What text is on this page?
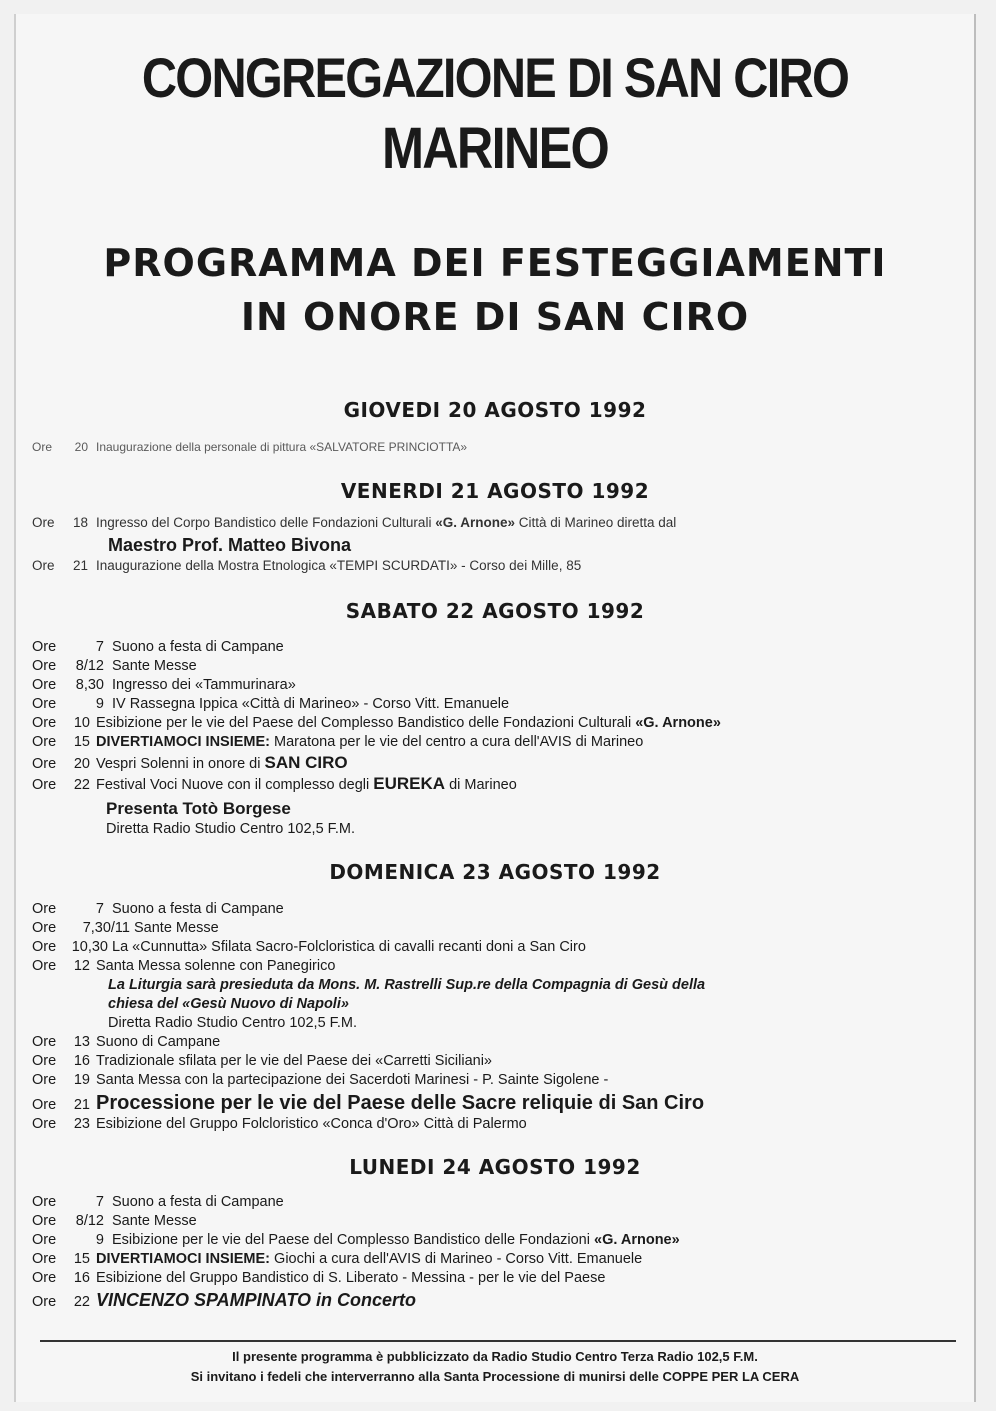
CONGREGAZIONE DI SAN CIRO
MARINEO
PROGRAMMA DEI FESTEGGIAMENTI
IN ONORE DI SAN CIRO
GIOVEDI 20 AGOSTO 1992
Ore 20 Inaugurazione della personale di pittura «SALVATORE PRINCIOTTA»
VENERDI 21 AGOSTO 1992
Ore 18 Ingresso del Corpo Bandistico delle Fondazioni Culturali «G. Arnone» Città di Marineo diretta dal
Maestro Prof. Matteo Bivona
Ore 21 Inaugurazione della Mostra Etnologica «TEMPI SCURDATI» - Corso dei Mille, 85
SABATO 22 AGOSTO 1992
Ore	7 Suono a festa di Campane
Ore 8/12 Sante Messe
Ore 8,30 Ingresso dei «Tammurinara»
Ore	9 IV Rassegna Ippica «Città di Marineo» - Corso Vitt. Emanuele
Ore 10 Esibizione per le vie del Paese del Complesso Bandistico delle Fondazioni Culturali «G. Arnone»
Ore 15 DIVERTIAMOCI INSIEME: Maratona per le vie del centro a cura dell'AVIS di Marineo
Ore 20 Vespri Solenni in onore di SAN CIRO
Ore 22 Festival Voci Nuove con il complesso degli EUREKA di Marineo
Presenta Totò Borgese
Diretta Radio Studio Centro 102,5 F.M.
DOMENICA 23 AGOSTO 1992
Ore	7 Suono a festa di Campane
Ore 7,30/11 Sante Messe
Ore 10,30 La «Cunnutta» Sfilata Sacro-Folcloristica di cavalli recanti doni a San Ciro
Ore 12 Santa Messa solenne con Panegirico
La Liturgia sarà presieduta da Mons. M. Rastrelli Sup.re della Compagnia di Gesù della
chiesa del «Gesù Nuovo di Napoli»
Diretta Radio Studio Centro 102,5 F.M.
Ore 13 Suono di Campane
Ore 16 Tradizionale sfilata per le vie del Paese dei «Carretti Siciliani»
Ore 19 Santa Messa con la partecipazione dei Sacerdoti Marinesi - P. Sainte Sigolene -
Ore 21 Processione per le vie del Paese delle Sacre reliquie di San Ciro
Ore 23 Esibizione del Gruppo Folcloristico «Conca d'Oro» Città di Palermo
LUNEDI 24 AGOSTO 1992
Ore	7 Suono a festa di Campane
Ore 8/12 Sante Messe
Ore	9 Esibizione per le vie del Paese del Complesso Bandistico delle Fondazioni «G. Arnone»
Ore 15 DIVERTIAMOCI INSIEME: Giochi a cura dell'AVIS di Marineo - Corso Vitt. Emanuele
Ore 16 Esibizione del Gruppo Bandistico di S. Liberato - Messina - per le vie del Paese
Ore 22 VINCENZO SPAMPINATO in Concerto
Il presente programma è pubblicizzato da Radio Studio Centro Terza Radio 102,5 F.M.
Si invitano i fedeli che interverranno alla Santa Processione di munirsi delle COPPE PER LA CERA
